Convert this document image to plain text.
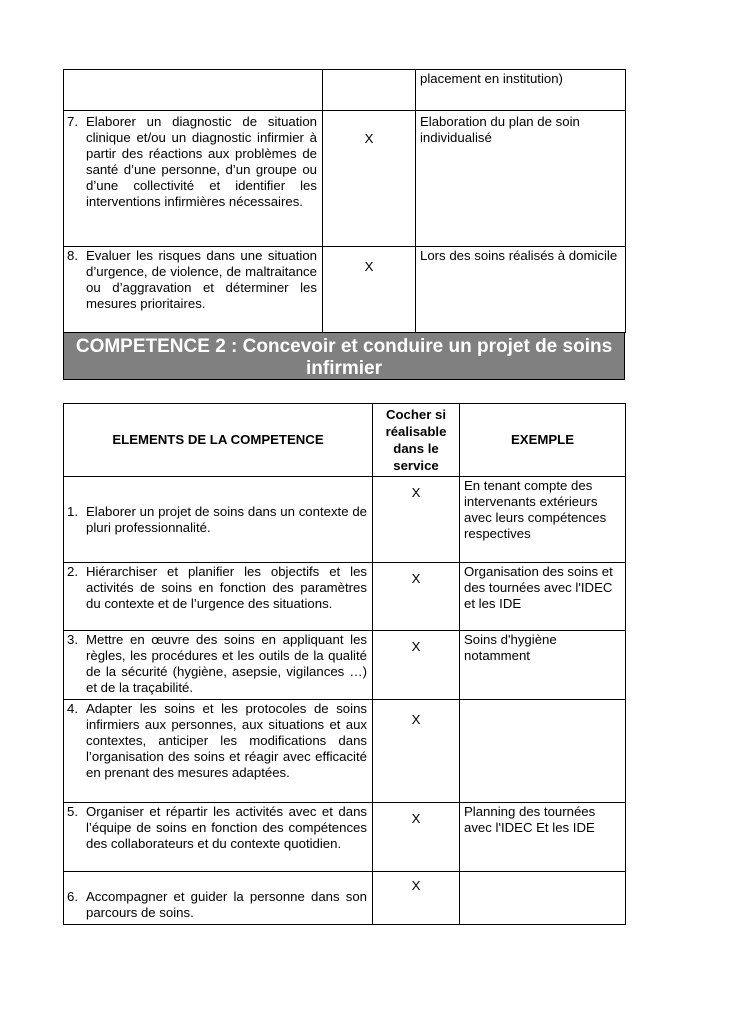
		placement en institution)

7. Elaborer un diagnostic de situation clinique et/ou un diagnostic infirmier à partir des réactions aux problèmes de santé d’une personne, d’un groupe ou d’une collectivité et identifier les interventions infirmières nécessaires.	X	Elaboration du plan de soin individualisé

8. Evaluer les risques dans une situation d’urgence, de violence, de maltraitance ou d’aggravation et déterminer les mesures prioritaires.	X	Lors des soins réalisés à domicile
COMPETENCE 2 : Concevoir et conduire un projet de soins infirmier
ELEMENTS DE LA COMPETENCE	Cocher si réalisable dans le service	EXEMPLE

1. Elaborer un projet de soins dans un contexte de pluri professionnalité.	X	En tenant compte des intervenants extérieurs avec leurs compétences respectives

2. Hiérarchiser et planifier les objectifs et les activités de soins en fonction des paramètres du contexte et de l’urgence des situations.	X	Organisation des soins et des tournées avec l'IDEC et les IDE

3. Mettre en œuvre des soins en appliquant les règles, les procédures et les outils de la qualité de la sécurité (hygiène, asepsie, vigilances …) et de la traçabilité.	X	Soins d'hygiène notamment

4. Adapter les soins et les protocoles de soins infirmiers aux personnes, aux situations et aux contextes, anticiper les modifications dans l’organisation des soins et réagir avec efficacité en prenant des mesures adaptées.	X	

5. Organiser et répartir les activités avec et dans l’équipe de soins en fonction des compétences des collaborateurs et du contexte quotidien.	X	Planning des tournées avec l'IDEC Et les IDE

6. Accompagner et guider la personne dans son parcours de soins.	X	
